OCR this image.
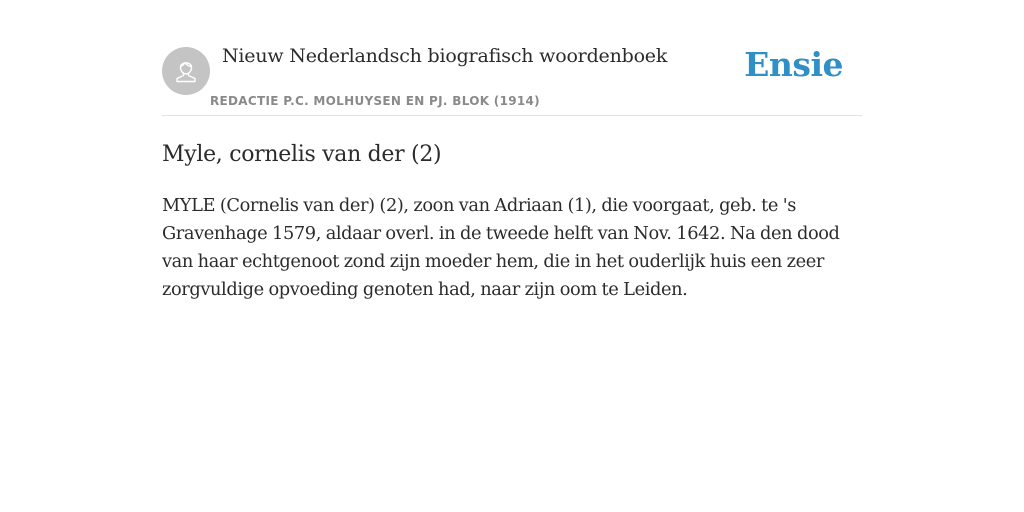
Nieuw Nederlandsch biografisch woordenboek
REDACTIE P.C. MOLHUYSEN EN PJ. BLOK (1914)
Ensie
Myle, cornelis van der (2)

MYLE (Cornelis van der) (2), zoon van Adriaan (1), die voorgaat, geb. te 's Gravenhage 1579, aldaar overl. in de tweede helft van Nov. 1642. Na den dood van haar echtgenoot zond zijn moeder hem, die in het ouderlijk huis een zeer zorgvuldige opvoeding genoten had, naar zijn oom te Leiden.
